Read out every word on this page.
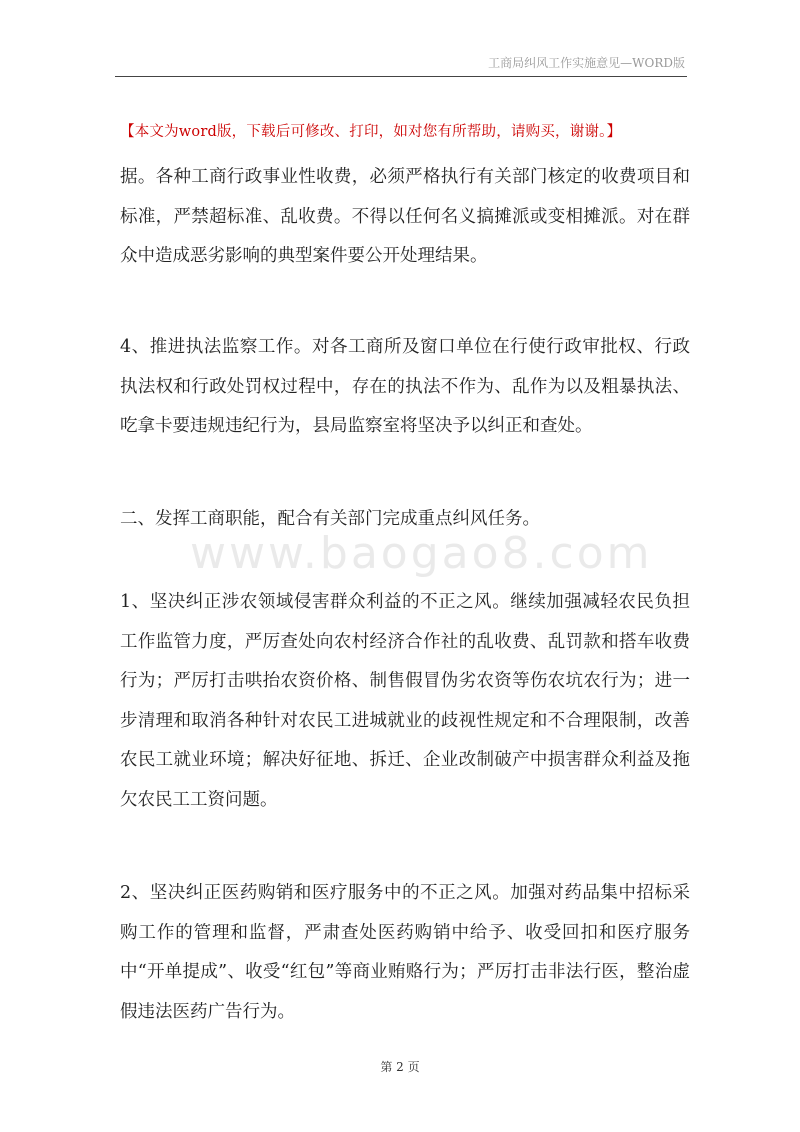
工商局纠风工作实施意见—WORD版
【本文为word版，下载后可修改、打印，如对您有所帮助，请购买，谢谢。】
www.baogao8.com

据。各种工商行政事业性收费，必须严格执行有关部门核定的收费项目和标准，严禁超标准、乱收费。不得以任何名义搞摊派或变相摊派。对在群众中造成恶劣影响的典型案件要公开处理结果。

4、推进执法监察工作。对各工商所及窗口单位在行使行政审批权、行政执法权和行政处罚权过程中，存在的执法不作为、乱作为以及粗暴执法、吃拿卡要违规违纪行为，县局监察室将坚决予以纠正和查处。

二、发挥工商职能，配合有关部门完成重点纠风任务。

1、坚决纠正涉农领域侵害群众利益的不正之风。继续加强减轻农民负担工作监管力度，严厉查处向农村经济合作社的乱收费、乱罚款和搭车收费行为；严厉打击哄抬农资价格、制售假冒伪劣农资等伤农坑农行为；进一步清理和取消各种针对农民工进城就业的歧视性规定和不合理限制，改善农民工就业环境；解决好征地、拆迁、企业改制破产中损害群众利益及拖欠农民工工资问题。

2、坚决纠正医药购销和医疗服务中的不正之风。加强对药品集中招标采购工作的管理和监督，严肃查处医药购销中给予、收受回扣和医疗服务中“开单提成”、收受“红包”等商业贿赂行为；严厉打击非法行医，整治虚假违法医药广告行为。

第 2 页
